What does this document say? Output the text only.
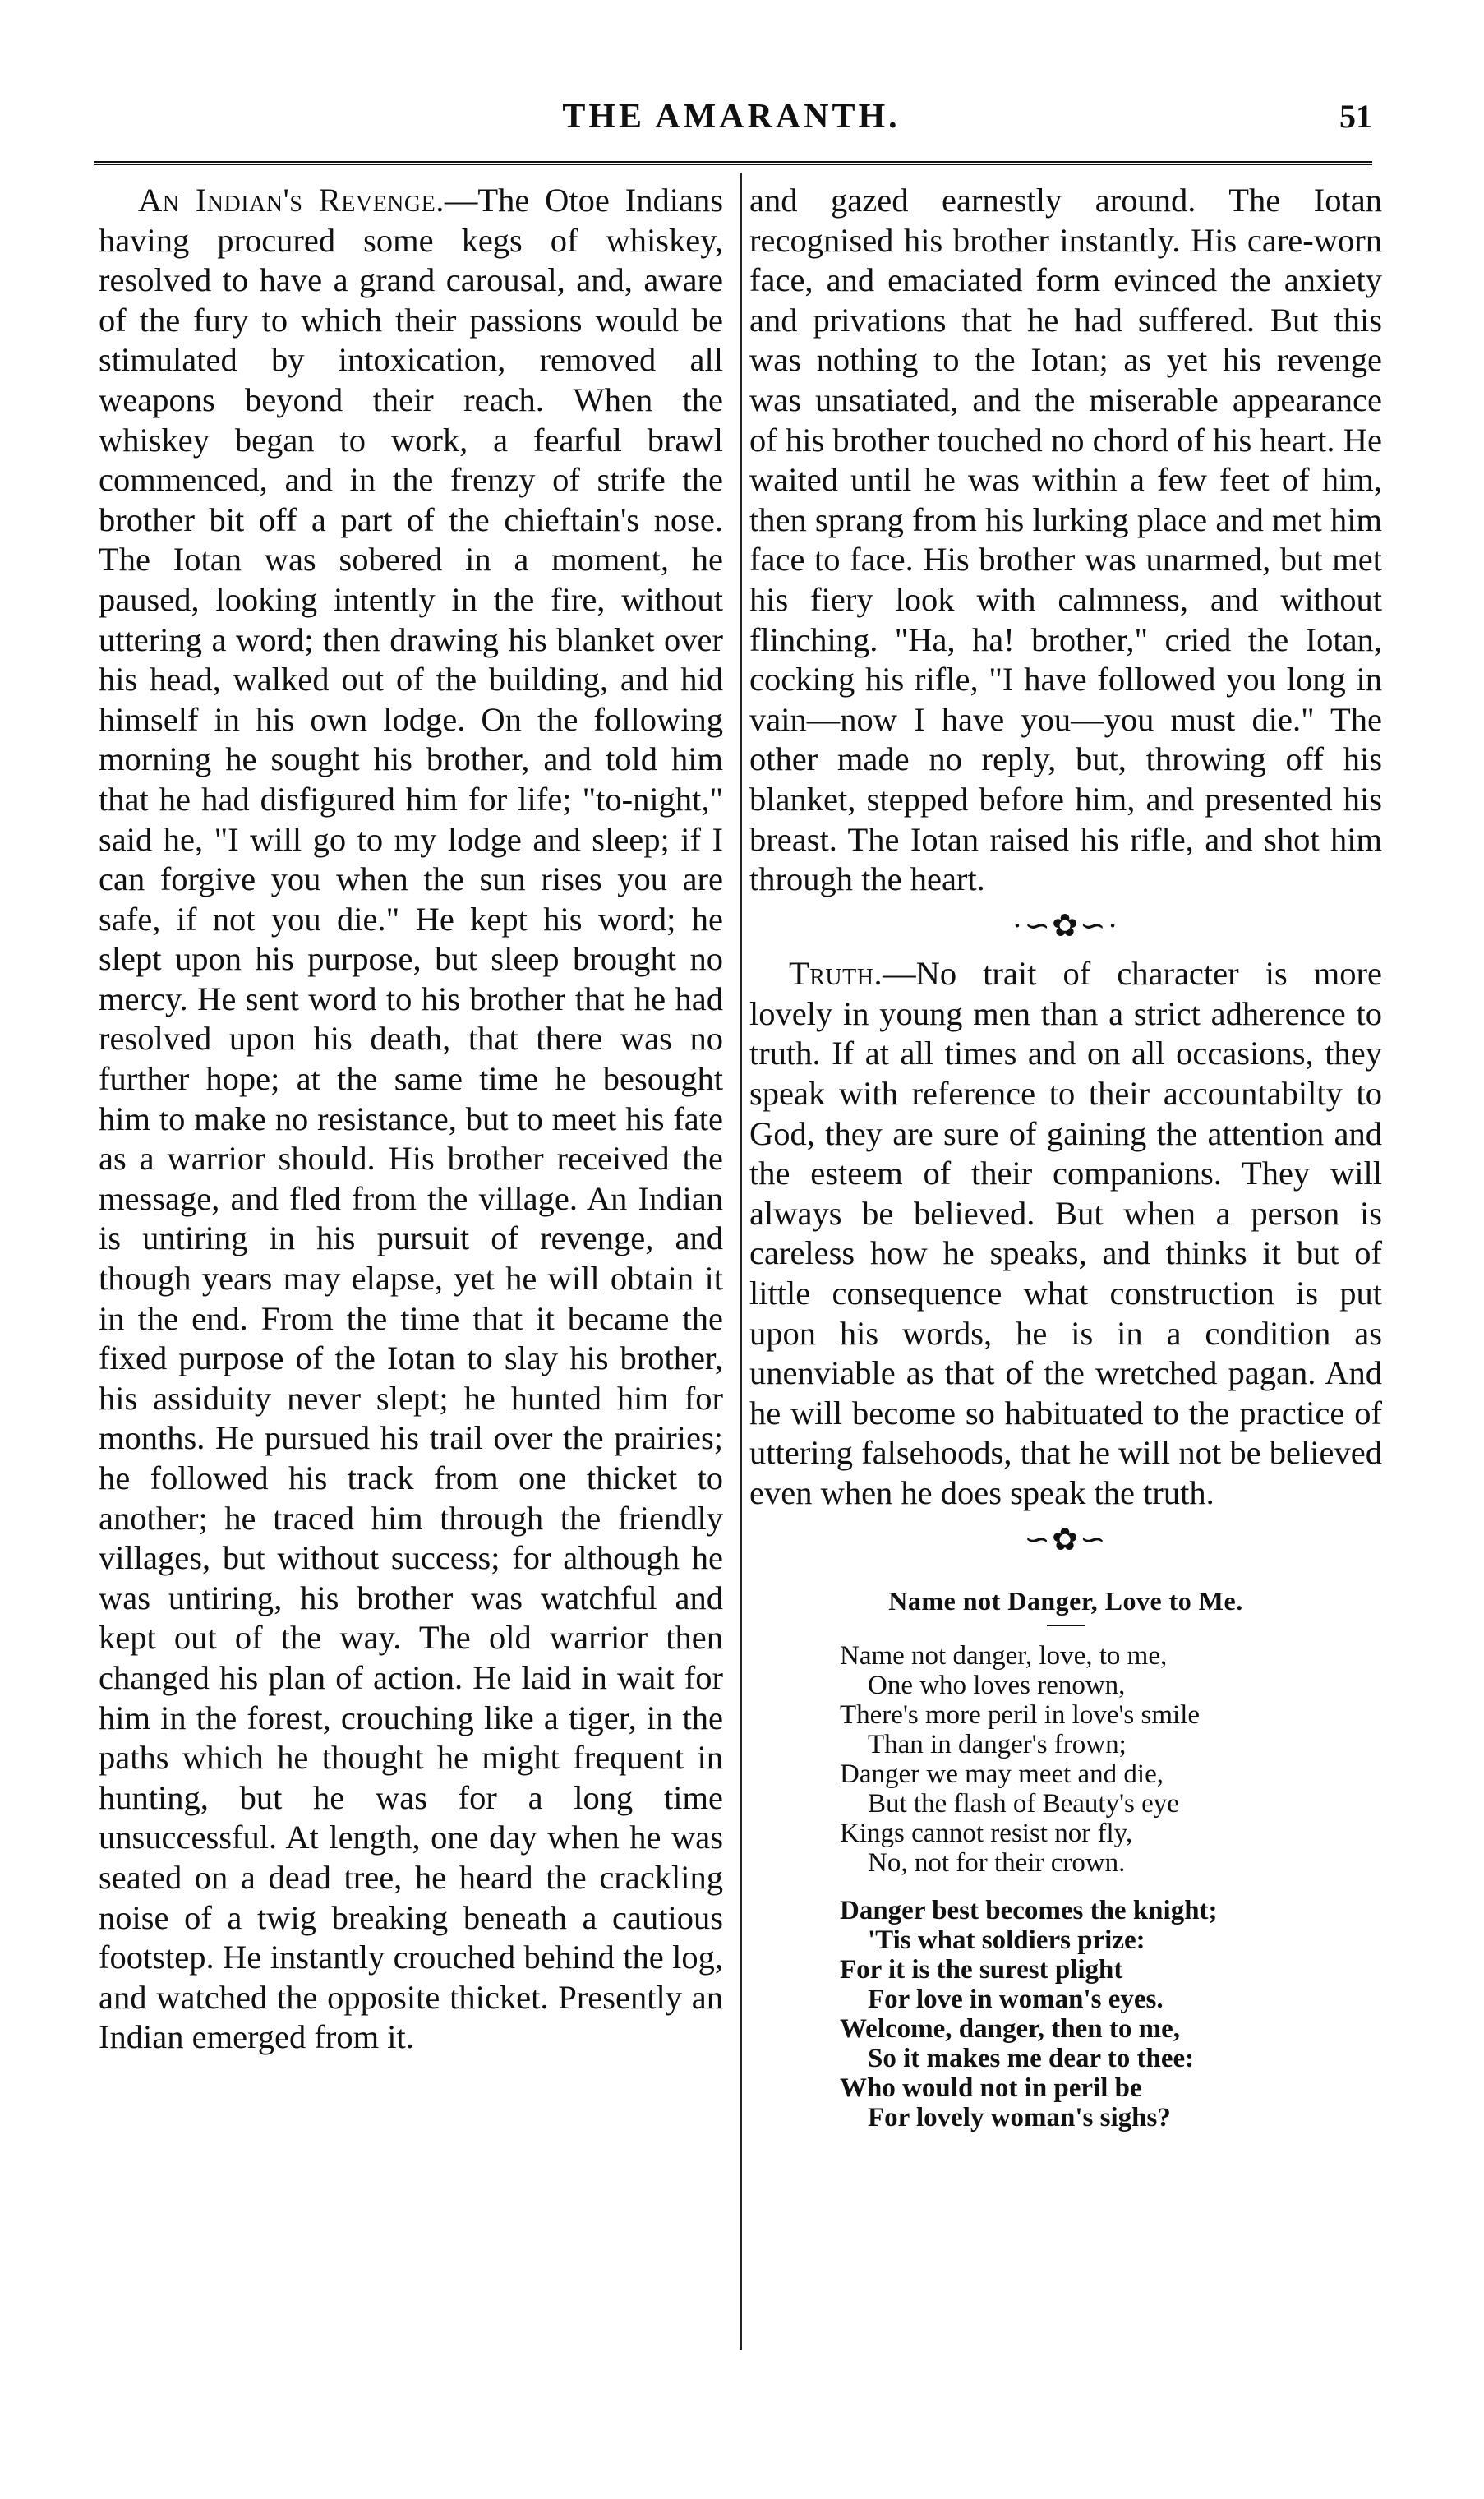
THE AMARANTH.	51

An Indian's Revenge.—The Otoe Indians having procured some kegs of whiskey, resolved to have a grand carousal, and, aware of the fury to which their passions would be stimulated by intoxication, removed all weapons beyond their reach. When the whiskey began to work, a fearful brawl commenced, and in the frenzy of strife the brother bit off a part of the chieftain's nose. The Iotan was sobered in a moment, he paused, looking intently in the fire, without uttering a word; then drawing his blanket over his head, walked out of the building, and hid himself in his own lodge. On the following morning he sought his brother, and told him that he had disfigured him for life; "to-night," said he, "I will go to my lodge and sleep; if I can forgive you when the sun rises you are safe, if not you die." He kept his word; he slept upon his purpose, but sleep brought no mercy. He sent word to his brother that he had resolved upon his death, that there was no further hope; at the same time he besought him to make no resistance, but to meet his fate as a warrior should. His brother received the message, and fled from the village. An Indian is untiring in his pursuit of revenge, and though years may elapse, yet he will obtain it in the end. From the time that it became the fixed purpose of the Iotan to slay his brother, his assiduity never slept; he hunted him for months. He pursued his trail over the prairies; he followed his track from one thicket to another; he traced him through the friendly villages, but without success; for although he was untiring, his brother was watchful and kept out of the way. The old warrior then changed his plan of action. He laid in wait for him in the forest, crouching like a tiger, in the paths which he thought he might frequent in hunting, but he was for a long time unsuccessful. At length, one day when he was seated on a dead tree, he heard the crackling noise of a twig breaking beneath a cautious footstep. He instantly crouched behind the log, and watched the opposite thicket. Presently an Indian emerged from it.

and gazed earnestly around. The Iotan recognised his brother instantly. His care-worn face, and emaciated form evinced the anxiety and privations that he had suffered. But this was nothing to the Iotan; as yet his revenge was unsatiated, and the miserable appearance of his brother touched no chord of his heart. He waited until he was within a few feet of him, then sprang from his lurking place and met him face to face. His brother was unarmed, but met his fiery look with calmness, and without flinching. "Ha, ha! brother," cried the Iotan, cocking his rifle, "I have followed you long in vain—now I have you—you must die." The other made no reply, but, throwing off his blanket, stepped before him, and presented his breast. The Iotan raised his rifle, and shot him through the heart.

·∽✿∽·

Truth.—No trait of character is more lovely in young men than a strict adherence to truth. If at all times and on all occasions, they speak with reference to their accountabilty to God, they are sure of gaining the attention and the esteem of their companions. They will always be believed. But when a person is careless how he speaks, and thinks it but of little consequence what construction is put upon his words, he is in a condition as unenviable as that of the wretched pagan. And he will become so habituated to the practice of uttering falsehoods, that he will not be believed even when he does speak the truth.

∽✿∽
Name not Danger, Love to Me.
Name not danger, love, to me,
One who loves renown,
There's more peril in love's smile
Than in danger's frown;
Danger we may meet and die,
But the flash of Beauty's eye
Kings cannot resist nor fly,
No, not for their crown.
Danger best becomes the knight;
'Tis what soldiers prize:
For it is the surest plight
For love in woman's eyes.
Welcome, danger, then to me,
So it makes me dear to thee:
Who would not in peril be
For lovely woman's sighs?
